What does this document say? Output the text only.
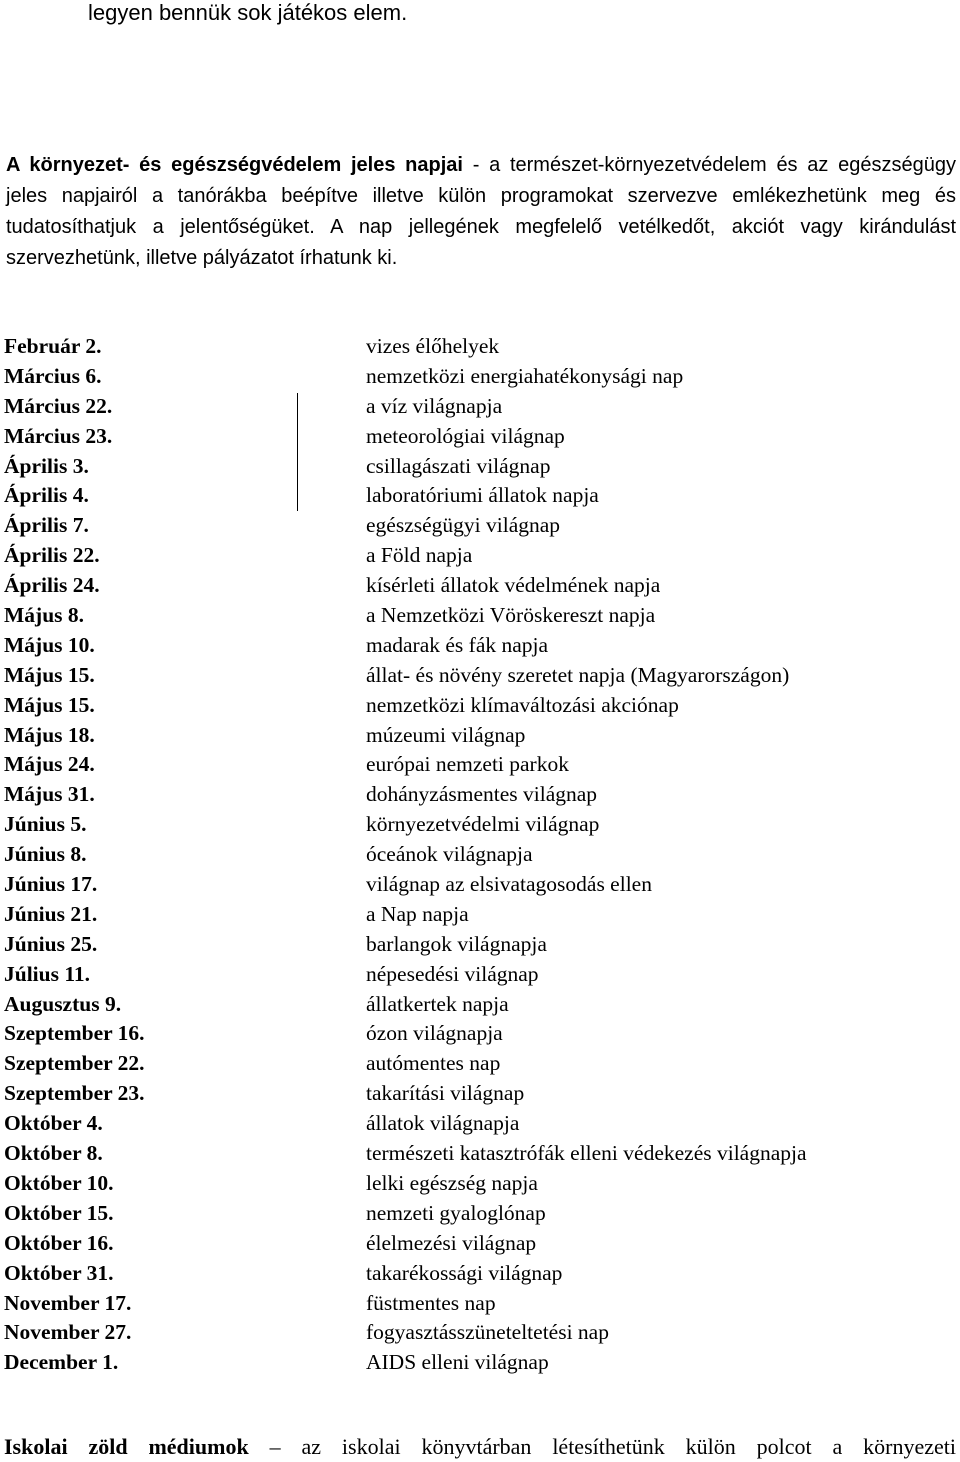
legyen bennük sok játékos elem.
A környezet- és egészségvédelem jeles napjai - a természet-környezetvédelem és az egészségügy jeles napjairól a tanórákba beépítve illetve külön programokat szervezve emlékezhetünk meg és tudatosíthatjuk a jelentőségüket. A nap jellegének megfelelő vetélkedőt, akciót vagy kirándulást szervezhetünk, illetve pályázatot írhatunk ki.
Február 2.
Március 6.
Március 22.
Március 23.
Április 3.
Április 4.
Április 7.
Április 22.
Április 24.
Május 8.
Május 10.
Május 15.
Május 15.
Május 18.
Május 24.
Május 31.
Június 5.
Június 8.
Június 17.
Június 21.
Június 25.
Július 11.
Augusztus 9.
Szeptember 16.
Szeptember 22.
Szeptember 23.
Október 4.
Október 8.
Október 10.
Október 15.
Október 16.
Október 31.
November 17.
November 27.
December 1.
vizes élőhelyek
nemzetközi energiahatékonysági nap
a víz világnapja
meteorológiai világnap
csillagászati világnap
laboratóriumi állatok napja
egészségügyi világnap
a Föld napja
kísérleti állatok védelmének napja
a Nemzetközi Vöröskereszt napja
madarak és fák napja
állat- és növény szeretet napja (Magyarországon)
nemzetközi klímaváltozási akciónap
múzeumi világnap
európai nemzeti parkok
dohányzásmentes világnap
környezetvédelmi világnap
óceánok világnapja
világnap az elsivatagosodás ellen
a Nap napja
barlangok világnapja
népesedési világnap
állatkertek napja
ózon világnapja
autómentes nap
takarítási világnap
állatok világnapja
természeti katasztrófák elleni védekezés világnapja
lelki egészség napja
nemzeti gyaloglónap
élelmezési világnap
takarékossági világnap
füstmentes nap
fogyasztásszüneteltetési nap
AIDS elleni világnap
Iskolai zöld médiumok – az iskolai könyvtárban létesíthetünk külön polcot a környezeti
